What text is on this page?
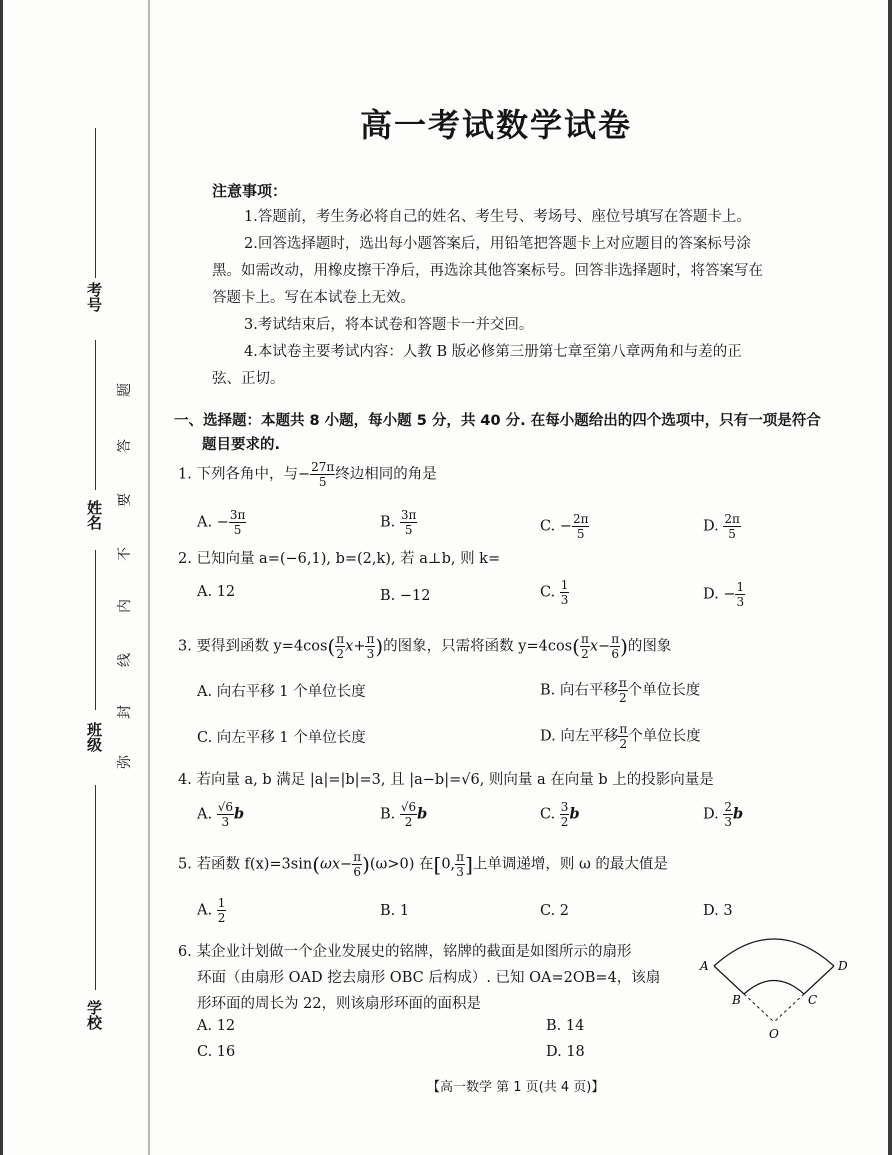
考号
姓名
班级
学校
题
答
要
不
内
线
封
弥
高一考试数学试卷
注意事项：
1.答题前，考生务必将自己的姓名、考生号、考场号、座位号填写在答题卡上。
2.回答选择题时，选出每小题答案后，用铅笔把答题卡上对应题目的答案标号涂
黑。如需改动，用橡皮擦干净后，再选涂其他答案标号。回答非选择题时，将答案写在
答题卡上。写在本试卷上无效。
3.考试结束后，将本试卷和答题卡一并交回。
4.本试卷主要考试内容：人教 B 版必修第三册第七章至第八章两角和与差的正
弦、正切。
一、选择题：本题共 8 小题，每小题 5 分，共 40 分. 在每小题给出的四个选项中，只有一项是符合
题目要求的.
1. 下列各角中，与− $\frac{27\pi}{5}$ 终边相同的角是
A. − $\frac{3\pi}{5}$	B. $\frac{3\pi}{5}$	C. − $\frac{2\pi}{5}$	D. $\frac{2\pi}{5}$
2. 已知向量 a=(−6,1), b=(2,k), 若 a⊥b, 则 k=
A. 12	B. −12	C. $\frac{1}{3}$	D. − $\frac{1}{3}$
3. 要得到函数 $y=4\cos( \frac{\pi}{2} x+ \frac{\pi}{3}$ )的图象，只需将函数 $y=4\cos( \frac{\pi}{2} x- \frac{\pi}{6}$ )的图象
A. 向右平移 1 个单位长度	B. 向右平移 $\frac{\pi}{2}$ 个单位长度
C. 向左平移 1 个单位长度	D. 向左平移 $\frac{\pi}{2}$ 个单位长度
4. 若向量 a, b 满足 |a|=|b|=3, 且 |a−b|=√6, 则向量 a 在向量 b 上的投影向量是
A. $\frac{√6}{3}$ b	B. $\frac{√6}{2}$ b	C. $\frac{3}{2}$ b	D. $\frac{2}{3}$ b
5. 若函数 $f(x)=3\sin(\omega x- \frac{\pi}{6} )(\omega>0)$ 在[0, $\frac{\pi}{3}$ ]上单调递增，则 ω 的最大值是
A. $\frac{1}{2}$	B. 1	C. 2	D. 3
6. 某企业计划做一个企业发展史的铭牌，铭牌的截面是如图所示的扇形
环面（由扇形 OAD 挖去扇形 OBC 后构成）. 已知 OA=2OB=4，该扇
形环面的周长为 22，则该扇形环面的面积是
A. 12	B. 14
C. 16	D. 18
A	D
B	C
O
【高一数学 第 1 页(共 4 页)】
